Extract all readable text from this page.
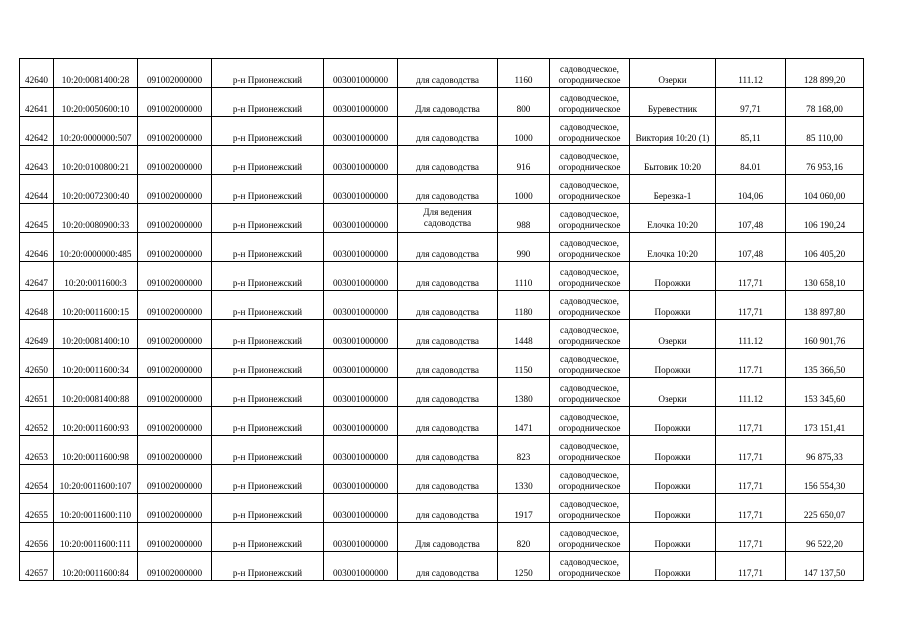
42640	10:20:0081400:28	091002000000	р-н Прионежский	003001000000	для садоводства	1160	садоводческое,
огородническое	Озерки	111.12	128 899,20
42641	10:20:0050600:10	091002000000	р-н Прионежский	003001000000	Для садоводства	800	садоводческое,
огородническое	Буревестник	97,71	78 168,00
42642	10:20:0000000:507	091002000000	р-н Прионежский	003001000000	для садоводства	1000	садоводческое,
огородническое	Виктория 10:20 (1)	85,11	85 110,00
42643	10:20:0100800:21	091002000000	р-н Прионежский	003001000000	для садоводства	916	садоводческое,
огородническое	Бытовик 10:20	84.01	76 953,16
42644	10:20:0072300:40	091002000000	р-н Прионежский	003001000000	для садоводства	1000	садоводческое,
огородническое	Березка-1	104,06	104 060,00
42645	10:20:0080900:33	091002000000	р-н Прионежский	003001000000	Для ведения
садоводства	988	садоводческое,
огородническое	Елочка 10:20	107,48	106 190,24
42646	10:20:0000000:485	091002000000	р-н Прионежский	003001000000	для садоводства	990	садоводческое,
огородническое	Елочка 10:20	107,48	106 405,20
42647	10:20:0011600:3	091002000000	р-н Прионежский	003001000000	для садоводства	1110	садоводческое,
огородническое	Порожки	117,71	130 658,10
42648	10:20:0011600:15	091002000000	р-н Прионежский	003001000000	для садоводства	1180	садоводческое,
огородническое	Порожки	117,71	138 897,80
42649	10:20:0081400:10	091002000000	р-н Прионежский	003001000000	для садоводства	1448	садоводческое,
огородническое	Озерки	111.12	160 901,76
42650	10:20:0011600:34	091002000000	р-н Прионежский	003001000000	для садоводства	1150	садоводческое,
огородническое	Порожки	117.71	135 366,50
42651	10:20:0081400:88	091002000000	р-н Прионежский	003001000000	для садоводства	1380	садоводческое,
огородническое	Озерки	111.12	153 345,60
42652	10:20:0011600:93	091002000000	р-н Прионежский	003001000000	для садоводства	1471	садоводческое,
огородническое	Порожки	117,71	173 151,41
42653	10:20:0011600:98	091002000000	р-н Прионежский	003001000000	для садоводства	823	садоводческое,
огородническое	Порожки	117,71	96 875,33
42654	10:20:0011600:107	091002000000	р-н Прионежский	003001000000	для садоводства	1330	садоводческое,
огородническое	Порожки	117,71	156 554,30
42655	10:20:0011600:110	091002000000	р-н Прионежский	003001000000	для садоводства	1917	садоводческое,
огородническое	Порожки	117,71	225 650,07
42656	10:20:0011600:111	091002000000	р-н Прионежский	003001000000	Для садоводства	820	садоводческое,
огородническое	Порожки	117,71	96 522,20
42657	10:20:0011600:84	091002000000	р-н Прионежский	003001000000	для садоводства	1250	садоводческое,
огородническое	Порожки	117,71	147 137,50
